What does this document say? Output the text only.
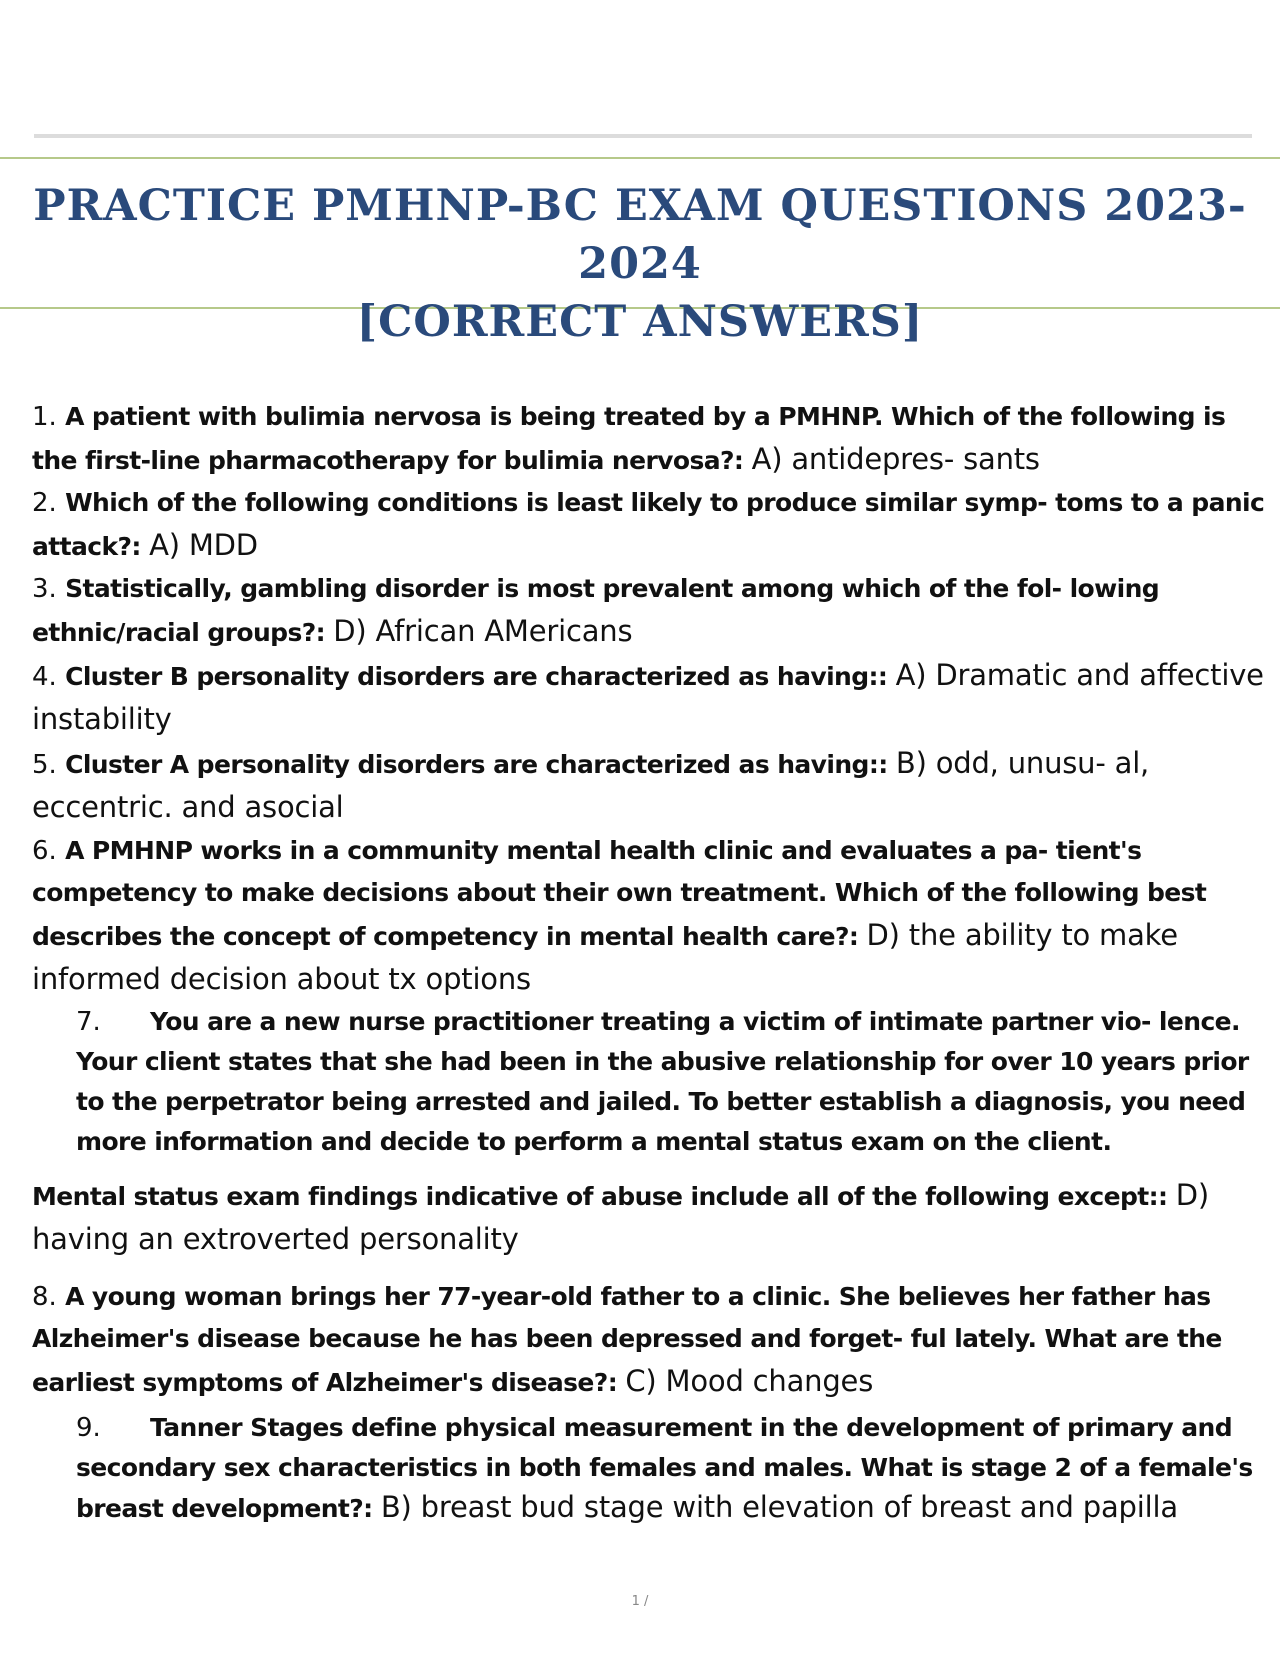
PRACTICE PMHNP-BC EXAM QUESTIONS 2023-2024
[CORRECT ANSWERS]

1. A patient with bulimia nervosa is being treated by a PMHNP. Which of the following is the first-line pharmacotherapy for bulimia nervosa?: A) antidepres- sants

2. Which of the following conditions is least likely to produce similar symp- toms to a panic attack?: A) MDD

3. Statistically, gambling disorder is most prevalent among which of the fol- lowing ethnic/racial groups?: D) African AMericans

4. Cluster B personality disorders are characterized as having:: A) Dramatic and affective instability

5. Cluster A personality disorders are characterized as having:: B) odd, unusu- al, eccentric. and asocial

6. A PMHNP works in a community mental health clinic and evaluates a pa- tient's competency to make decisions about their own treatment. Which of the following best describes the concept of competency in mental health care?: D) the ability to make informed decision about tx options

7. You are a new nurse practitioner treating a victim of intimate partner vio- lence. Your client states that she had been in the abusive relationship for over 10 years prior to the perpetrator being arrested and jailed. To better establish a diagnosis, you need more information and decide to perform a mental status exam on the client.

Mental status exam findings indicative of abuse include all of the following except:: D) having an extroverted personality

8. A young woman brings her 77-year-old father to a clinic. She believes her father has Alzheimer's disease because he has been depressed and forget- ful lately. What are the earliest symptoms of Alzheimer's disease?: C) Mood changes

9. Tanner Stages define physical measurement in the development of primary and secondary sex characteristics in both females and males. What is stage 2 of a female's breast development?: B) breast bud stage with elevation of breast and papilla

1 /
